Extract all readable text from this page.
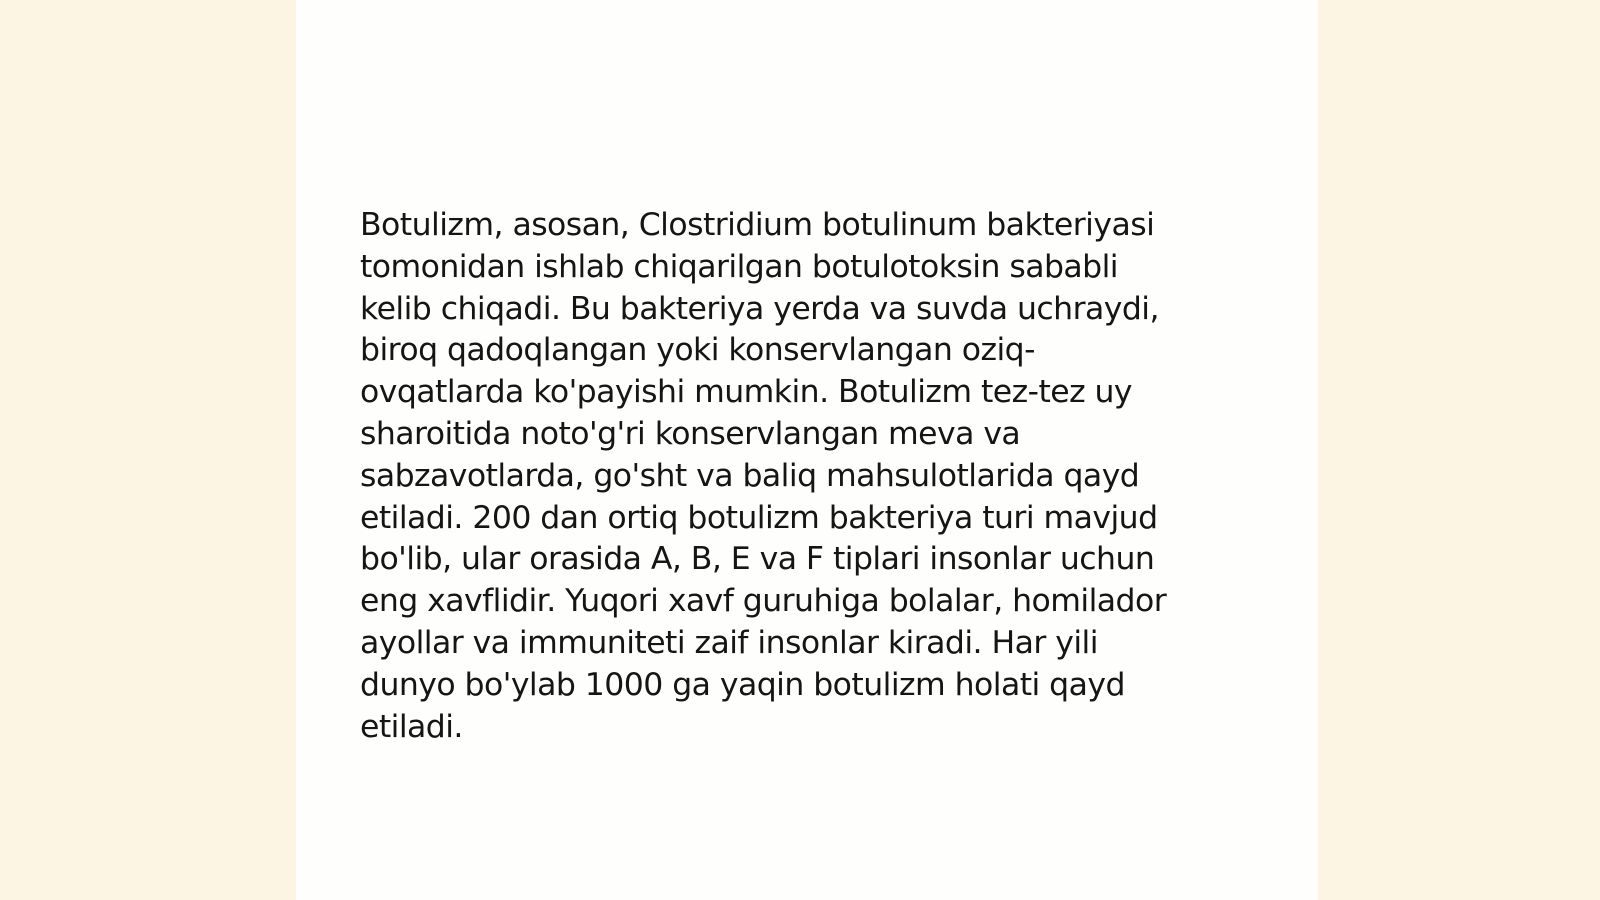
Botulizm, asosan, Clostridium botulinum bakteriyasi
tomonidan ishlab chiqarilgan botulotoksin sababli
kelib chiqadi. Bu bakteriya yerda va suvda uchraydi,
biroq qadoqlangan yoki konservlangan oziq-
ovqatlarda ko'payishi mumkin. Botulizm tez-tez uy
sharoitida noto'g'ri konservlangan meva va
sabzavotlarda, go'sht va baliq mahsulotlarida qayd
etiladi. 200 dan ortiq botulizm bakteriya turi mavjud
bo'lib, ular orasida A, B, E va F tiplari insonlar uchun
eng xavflidir. Yuqori xavf guruhiga bolalar, homilador
ayollar va immuniteti zaif insonlar kiradi. Har yili
dunyo bo'ylab 1000 ga yaqin botulizm holati qayd
etiladi.
